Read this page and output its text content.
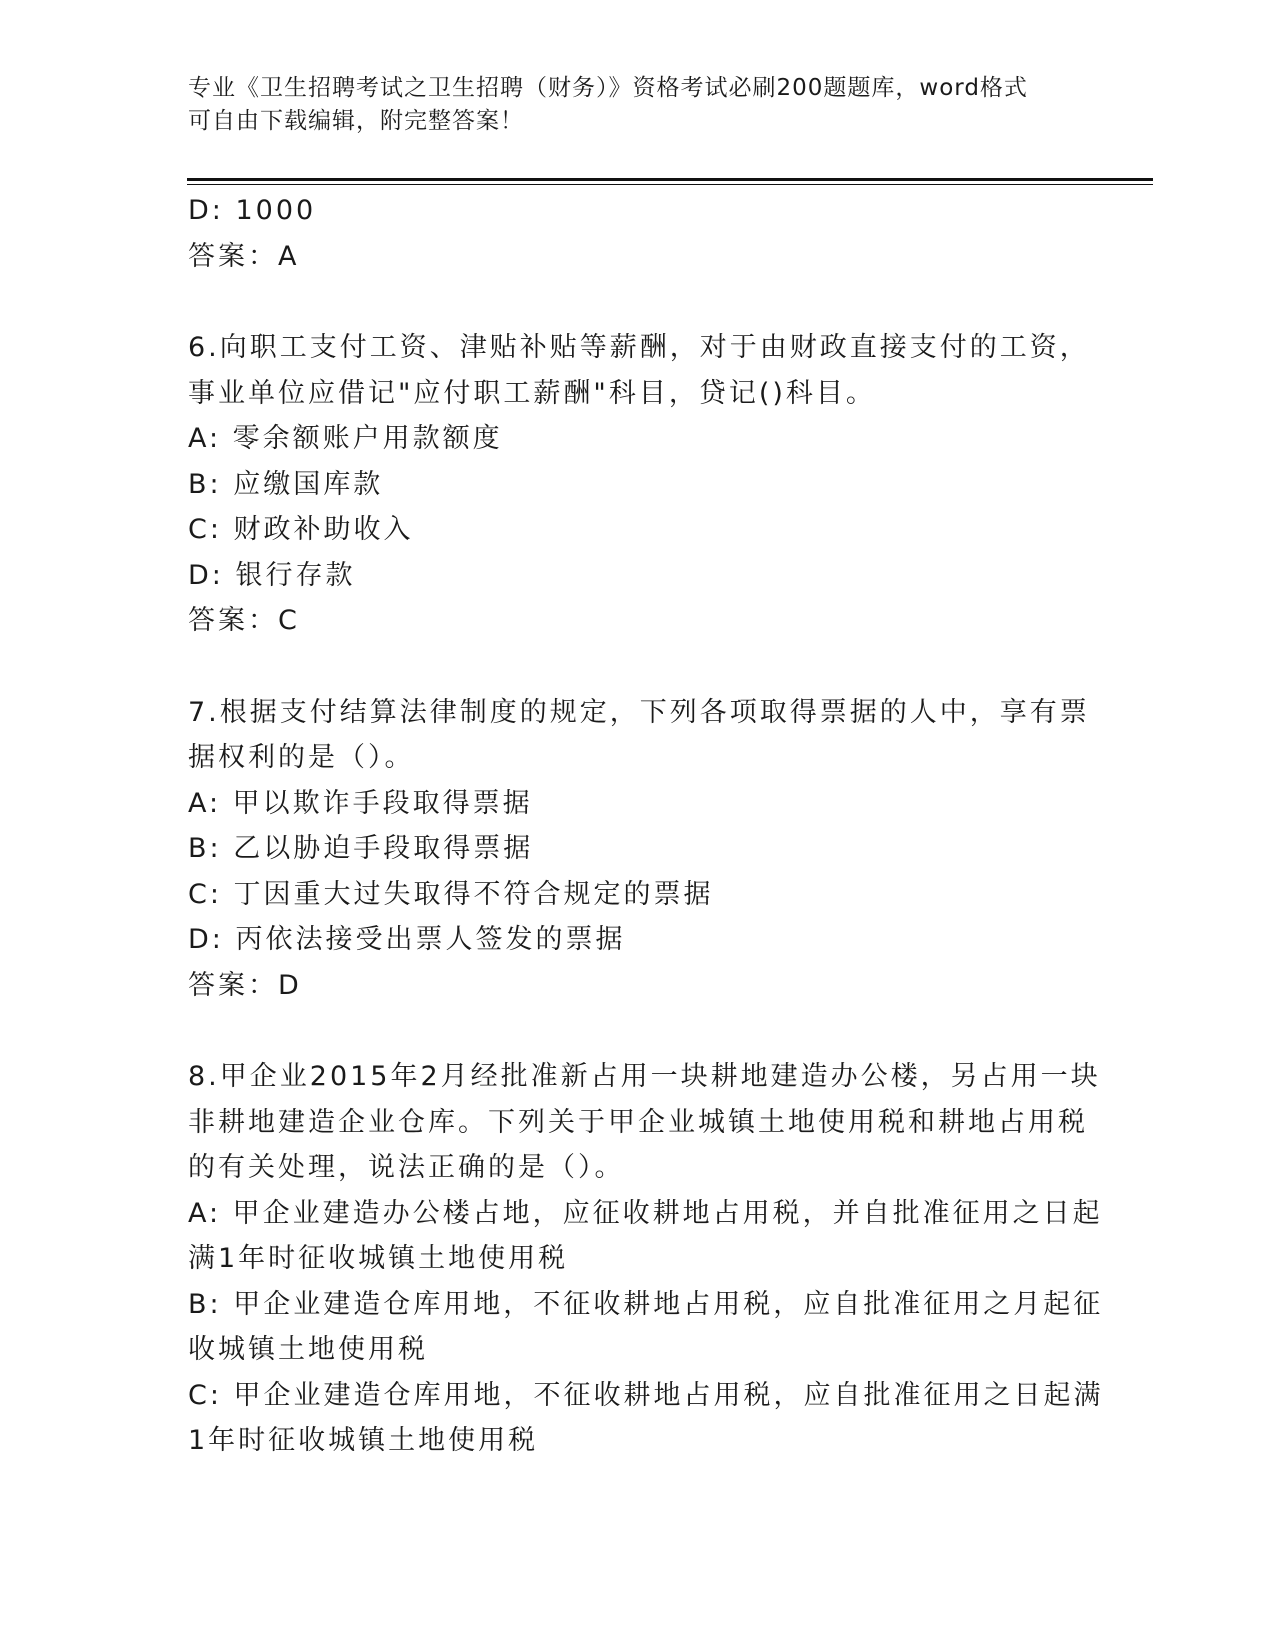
专业《卫生招聘考试之卫生招聘（财务）》资格考试必刷200题题库，word格式
可自由下载编辑，附完整答案！
D: 1000
答案：A
6.向职工支付工资、津贴补贴等薪酬，对于由财政直接支付的工资，
事业单位应借记"应付职工薪酬"科目，贷记()科目。
A: 零余额账户用款额度
B: 应缴国库款
C: 财政补助收入
D: 银行存款
答案：C
7.根据支付结算法律制度的规定，下列各项取得票据的人中，享有票
据权利的是（）。
A: 甲以欺诈手段取得票据
B: 乙以胁迫手段取得票据
C: 丁因重大过失取得不符合规定的票据
D: 丙依法接受出票人签发的票据
答案：D
8.甲企业2015年2月经批准新占用一块耕地建造办公楼，另占用一块
非耕地建造企业仓库。下列关于甲企业城镇土地使用税和耕地占用税
的有关处理，说法正确的是（）。
A: 甲企业建造办公楼占地，应征收耕地占用税，并自批准征用之日起
满1年时征收城镇土地使用税
B: 甲企业建造仓库用地，不征收耕地占用税，应自批准征用之月起征
收城镇土地使用税
C: 甲企业建造仓库用地，不征收耕地占用税，应自批准征用之日起满
1年时征收城镇土地使用税
